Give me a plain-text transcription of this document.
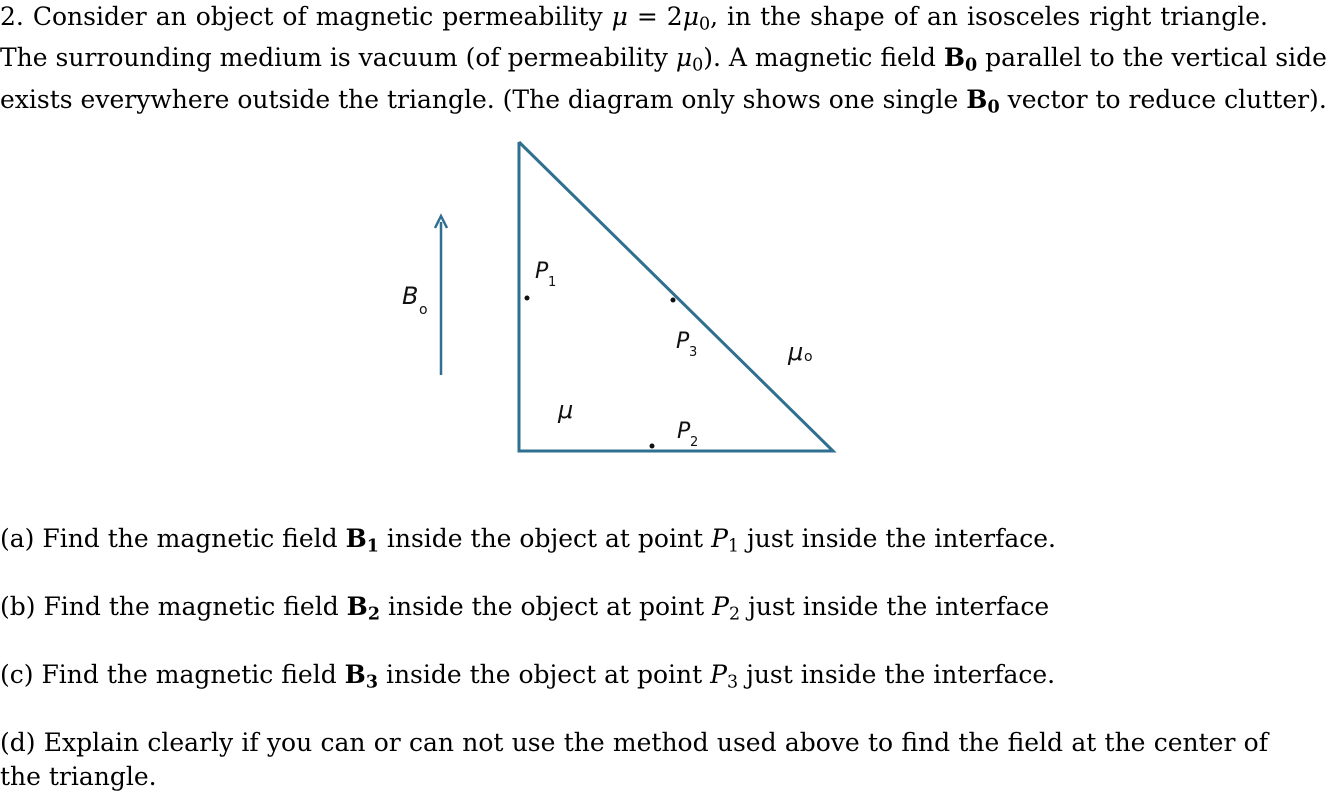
2. Consider an object of magnetic permeability $\mu = 2\mu_0$, in the shape of an isosceles right triangle.
The surrounding medium is vacuum (of permeability $\mu_0$). A magnetic field $B_0$ parallel to the vertical side
exists everywhere outside the triangle. (The diagram only shows one single $B_0$ vector to reduce clutter).
B o
P 1
P 3
P 2
μ
μ o

(a) Find the magnetic field $B_1$ inside the object at point $P_1$ just inside the interface.

(b) Find the magnetic field $B_2$ inside the object at point $P_2$ just inside the interface

(c) Find the magnetic field $B_3$ inside the object at point $P_3$ just inside the interface.

(d) Explain clearly if you can or can not use the method used above to find the field at the center of the triangle.
